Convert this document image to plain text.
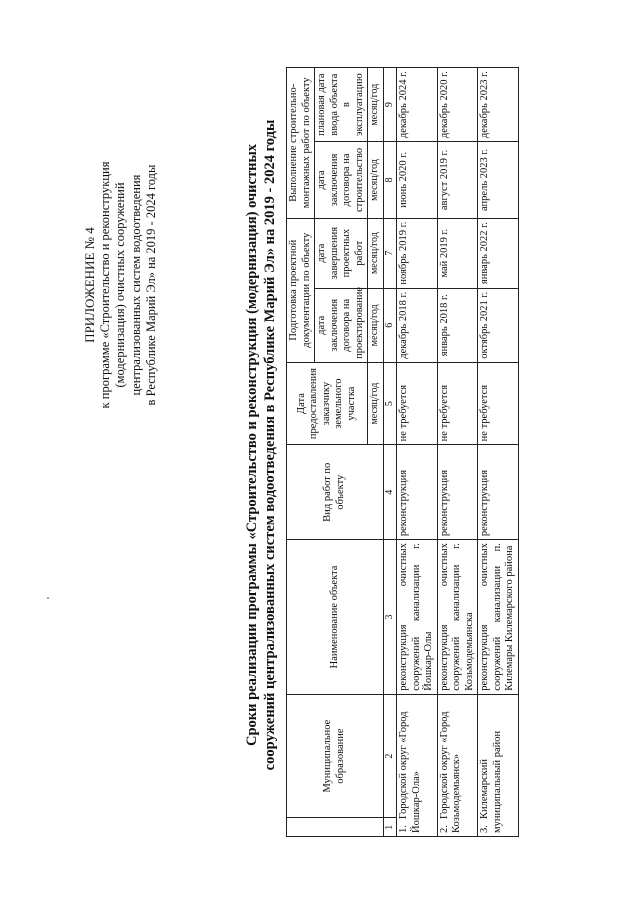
ПРИЛОЖЕНИЕ № 4 к программе «Строительство и реконструкция (модернизация) очистных сооружений централизованных систем водоотведения в Республике Марий Эл» на 2019 - 2024 годы	Сроки реализации программы «Строительство и реконструкция (модернизация) очистных сооружений централизованных систем водоотведения в Республике Марий Эл» на 2019 - 2024 годы
		Муниципальное образование	Наименование объекта	Вид работ по объекту	Дата предоставления заказчику земельного участка	Подготовка проектной документации по объекту		Выполнение строительно-монтажных работ по объекту	
					дата заключения договора на проектирование	дата завершения проектных работ	дата заключения договора на строительство	плановая дата ввода объекта в эксплуатацию
				месяц/год	месяц/год	месяц/год	месяц/год	месяц/год
1	2	3	4	5	6	7	8	9
1.Городской округ «Город Йошкар-Ола»		реконструкция очистных сооружений канализации г. Йошкар-Олы	реконструкция	не требуется	декабрь 2018 г.	ноябрь 2019 г.	июнь 2020 г.	декабрь 2024 г.
2.Городской округ «Город Козьмодемьянск»		реконструкция очистных сооружений канализации г. Козьмодемьянска	реконструкция	не требуется	январь 2018 г.	май 2019 г.	август 2019 г.	декабрь 2020 г.
3.Килемарский муниципальный район		реконструкция очистных сооружений канализации п. Килемары Килемарского района	реконструкция	не требуется	октябрь 2021 г.	январь 2022 г.	апрель 2023 г.	декабрь 2023 г.
